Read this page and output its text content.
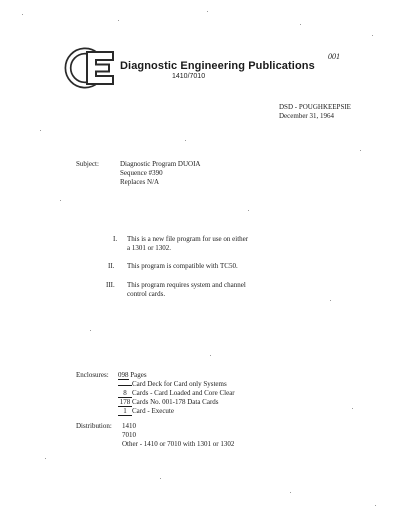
Diagnostic Engineering Publications
1410/7010
001
DSD - POUGHKEEPSIE
December 31, 1964
Subject:	Diagnostic Program DUOIA
Sequence #390
Replaces N/A
I. This is a new file program for use on either
a 1301 or 1302.
II. This program is compatible with TC50.
III. This program requires system and channel
control cards.
Enclosures: 098 Pages
Card Deck for Card only Systems
8 Cards - Card Loaded and Core Clear
178 Cards No. 001-178 Data Cards
1 Card - Execute
Distribution: 1410
7010
Other - 1410 or 7010 with 1301 or 1302
